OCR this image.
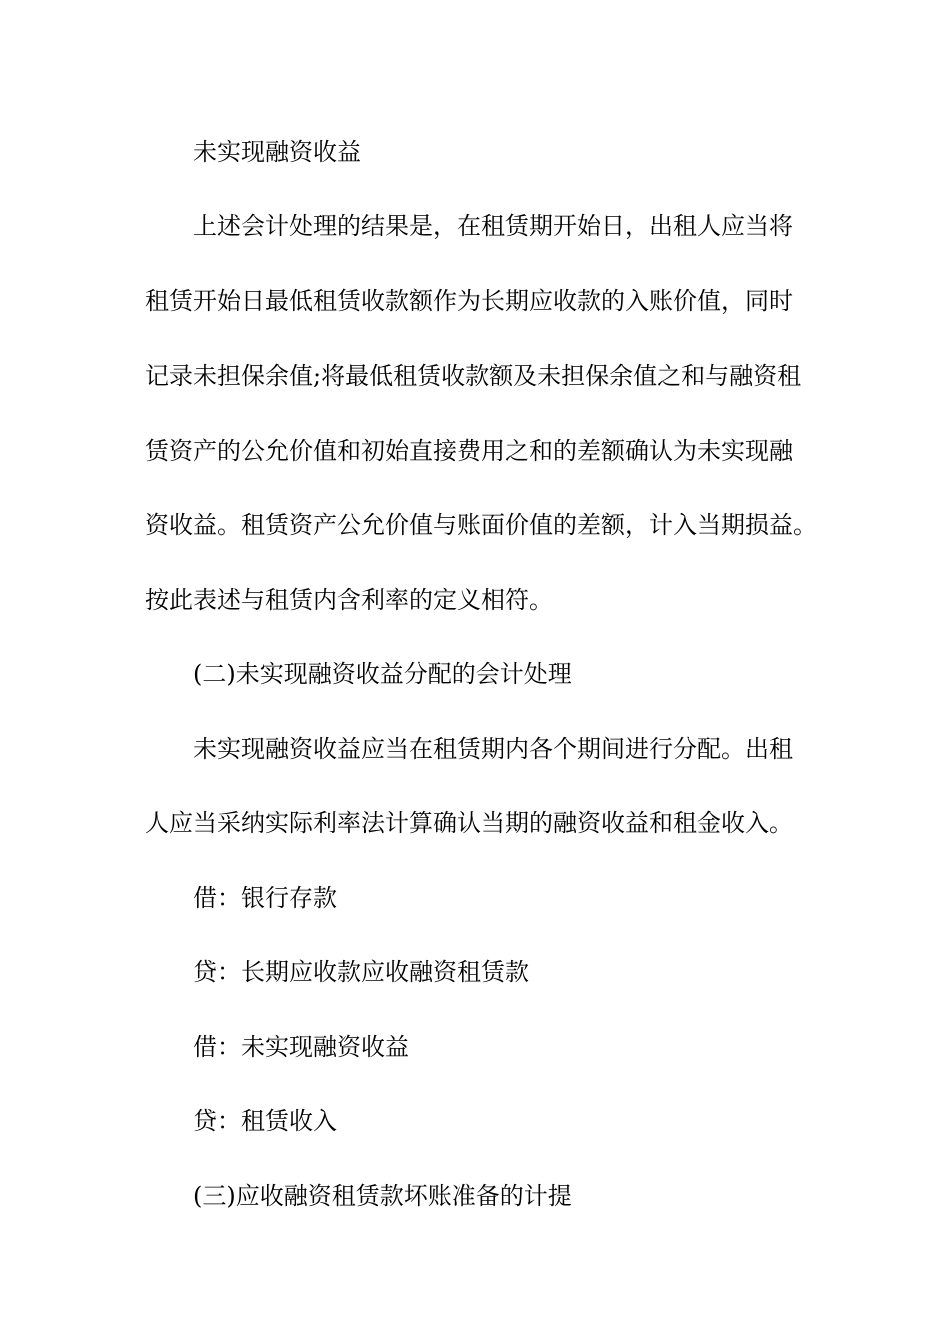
未实现融资收益
上述会计处理的结果是，在租赁期开始日，出租人应当将
租赁开始日最低租赁收款额作为长期应收款的入账价值，同时
记录未担保余值;将最低租赁收款额及未担保余值之和与融资租
赁资产的公允价值和初始直接费用之和的差额确认为未实现融
资收益。租赁资产公允价值与账面价值的差额，计入当期损益。
按此表述与租赁内含利率的定义相符。
(二)未实现融资收益分配的会计处理
未实现融资收益应当在租赁期内各个期间进行分配。出租
人应当采纳实际利率法计算确认当期的融资收益和租金收入。
借：银行存款
贷：长期应收款应收融资租赁款
借：未实现融资收益
贷：租赁收入
(三)应收融资租赁款坏账准备的计提
